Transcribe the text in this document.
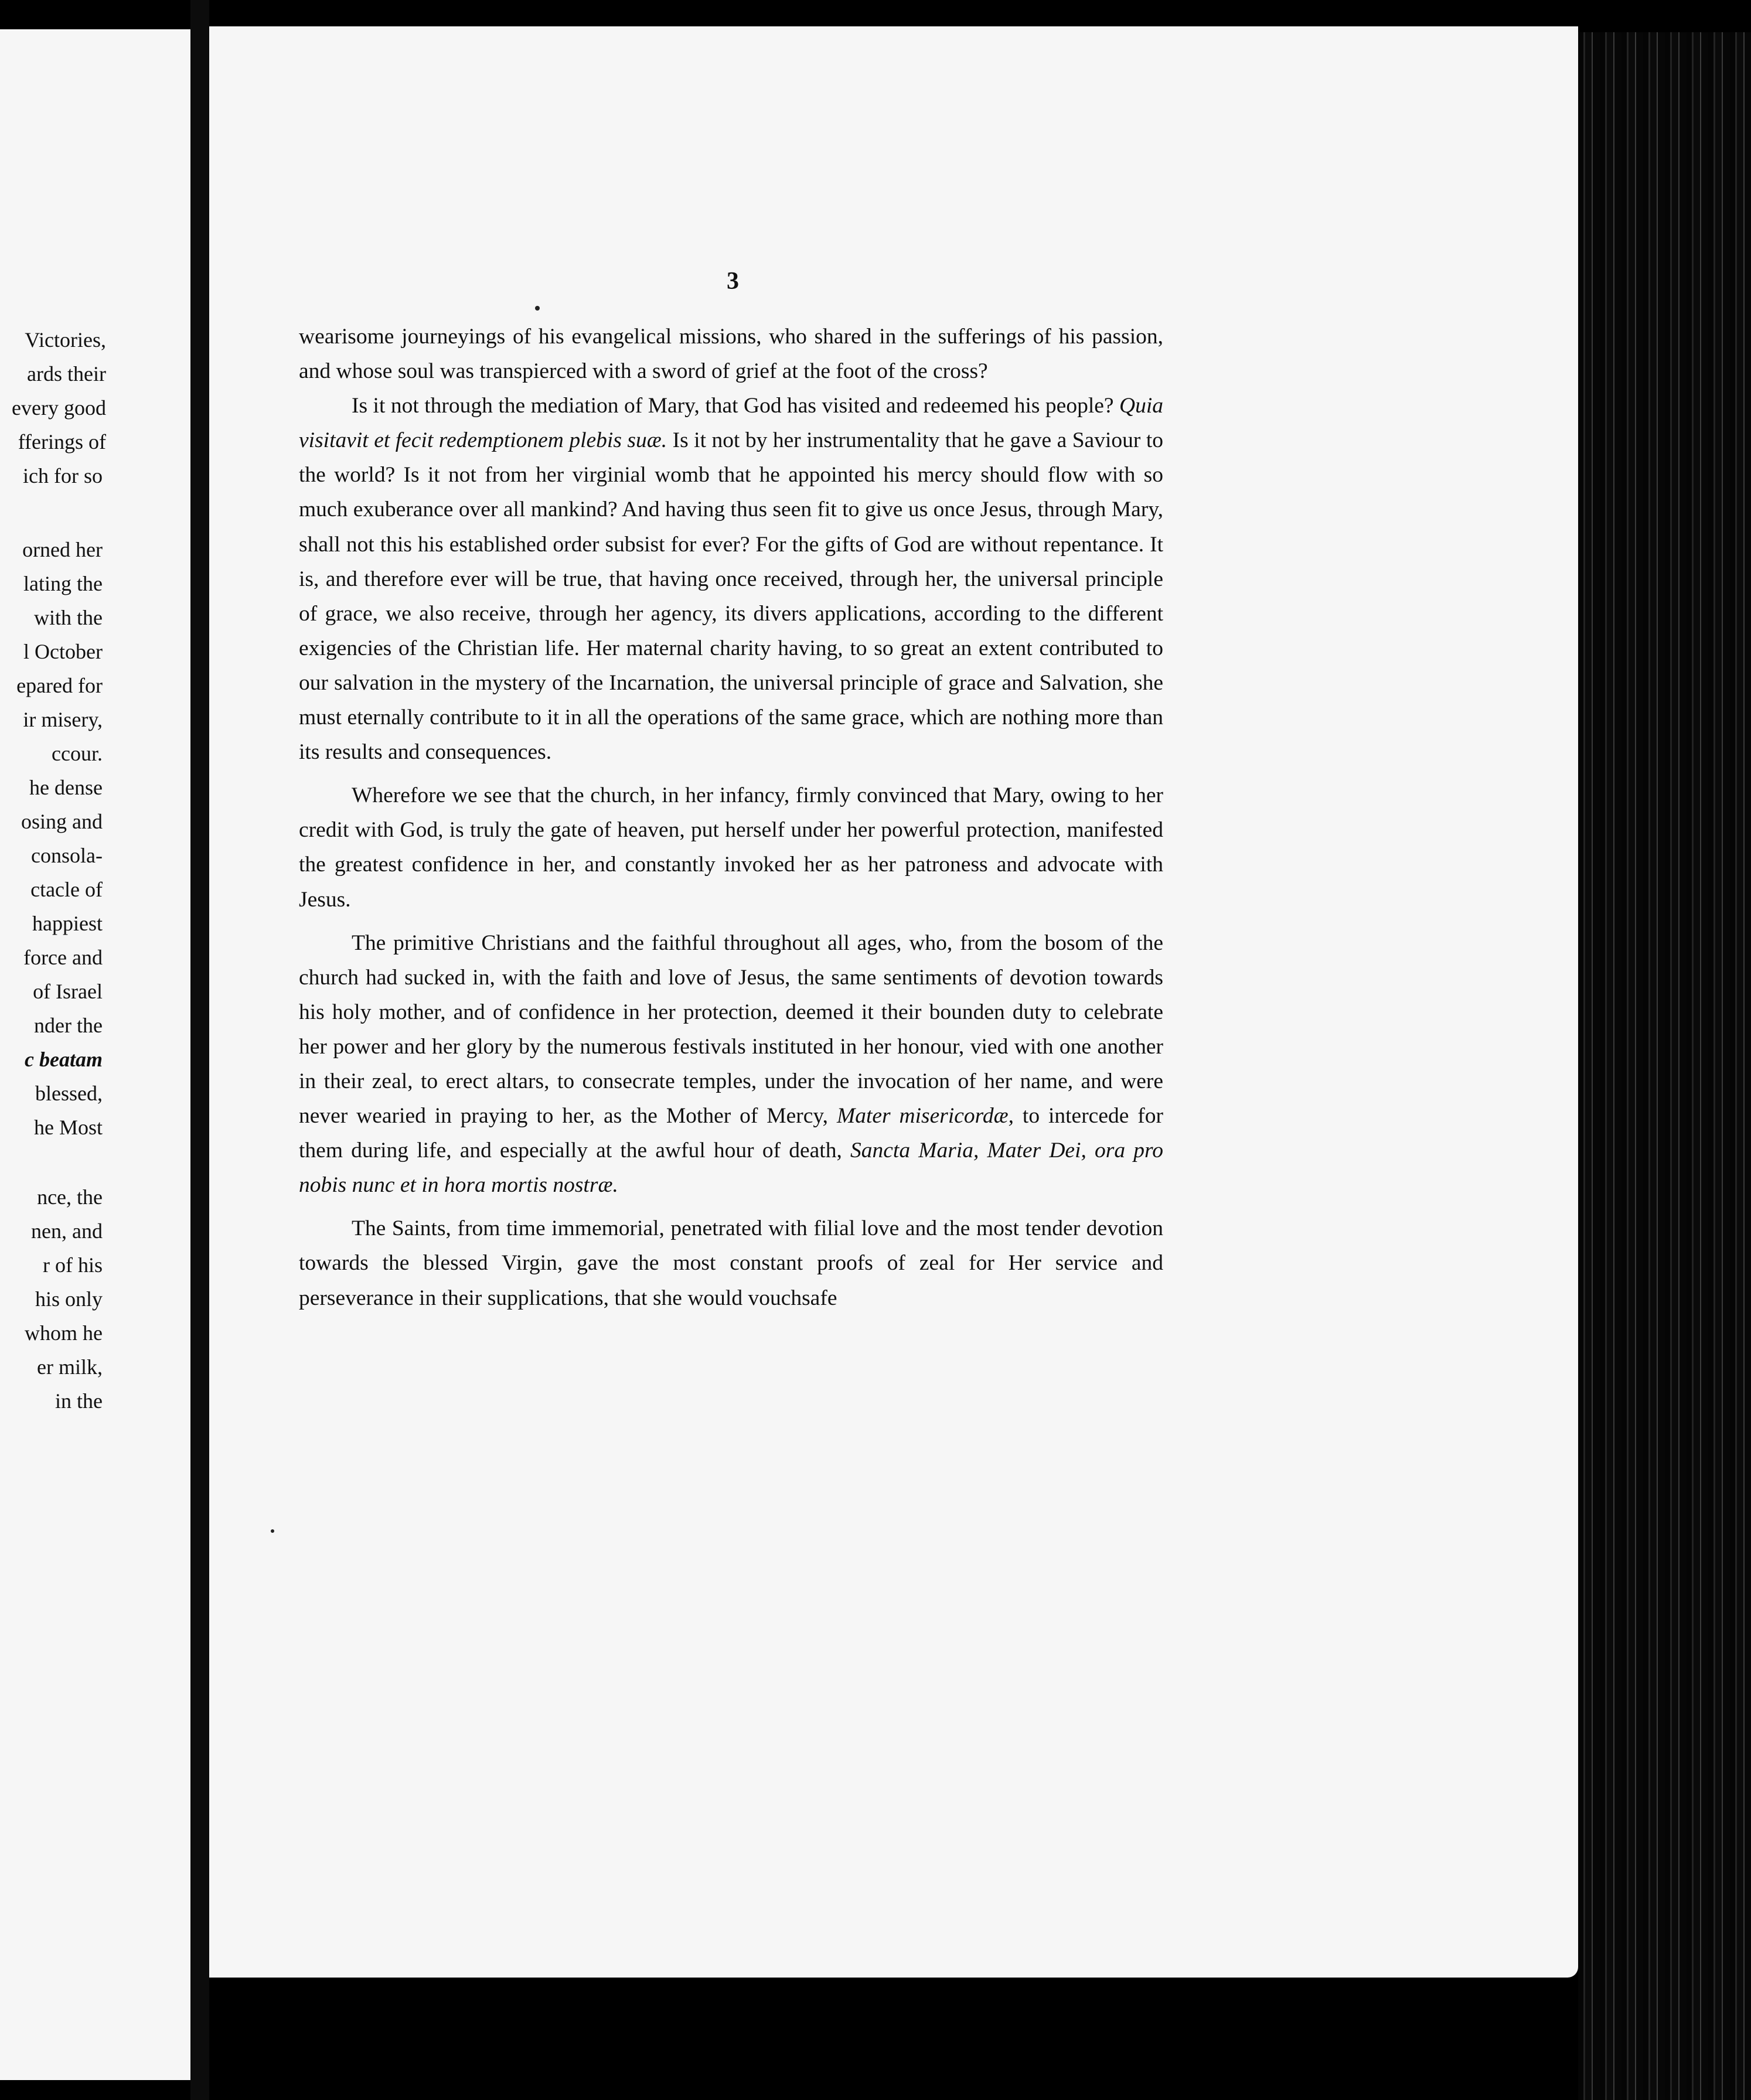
Victories,
ards their
every good
fferings of
ich for so
orned her
lating the
with the
l October
epared for
ir misery,
ccour.
he dense
osing and
consola-
ctacle of
happiest
force and
of Israel
nder the
c beatam
blessed,
he Most
nce, the
nen, and
r of his
his only
whom he
er milk,
in the
3

wearisome journeyings of his evangelical missions, who shared in the sufferings of his passion, and whose soul was transpierced with a sword of grief at the foot of the cross?

Is it not through the mediation of Mary, that God has visited and redeemed his people? Quia visitavit et fecit redemptionem plebis suæ. Is it not by her instrumentality that he gave a Saviour to the world? Is it not from her virginial womb that he appointed his mercy should flow with so much exuberance over all mankind? And having thus seen fit to give us once Jesus, through Mary, shall not this his established order subsist for ever? For the gifts of God are without repentance. It is, and therefore ever will be true, that having once received, through her, the universal principle of grace, we also receive, through her agency, its divers applications, according to the different exigencies of the Christian life. Her maternal charity having, to so great an extent contributed to our salvation in the mystery of the Incarnation, the universal principle of grace and Salvation, she must eternally contribute to it in all the operations of the same grace, which are nothing more than its results and consequences.

Wherefore we see that the church, in her infancy, firmly convinced that Mary, owing to her credit with God, is truly the gate of heaven, put herself under her powerful protection, manifested the greatest confidence in her, and constantly invoked her as her patroness and advocate with Jesus.

The primitive Christians and the faithful throughout all ages, who, from the bosom of the church had sucked in, with the faith and love of Jesus, the same sentiments of devotion towards his holy mother, and of confidence in her protection, deemed it their bounden duty to celebrate her power and her glory by the numerous festivals instituted in her honour, vied with one another in their zeal, to erect altars, to consecrate temples, under the invocation of her name, and were never wearied in praying to her, as the Mother of Mercy, Mater misericordæ, to intercede for them during life, and especially at the awful hour of death, Sancta Maria, Mater Dei, ora pro nobis nunc et in hora mortis nostræ.

The Saints, from time immemorial, penetrated with filial love and the most tender devotion towards the blessed Virgin, gave the most constant proofs of zeal for Her service and perseverance in their supplications, that she would vouchsafe
